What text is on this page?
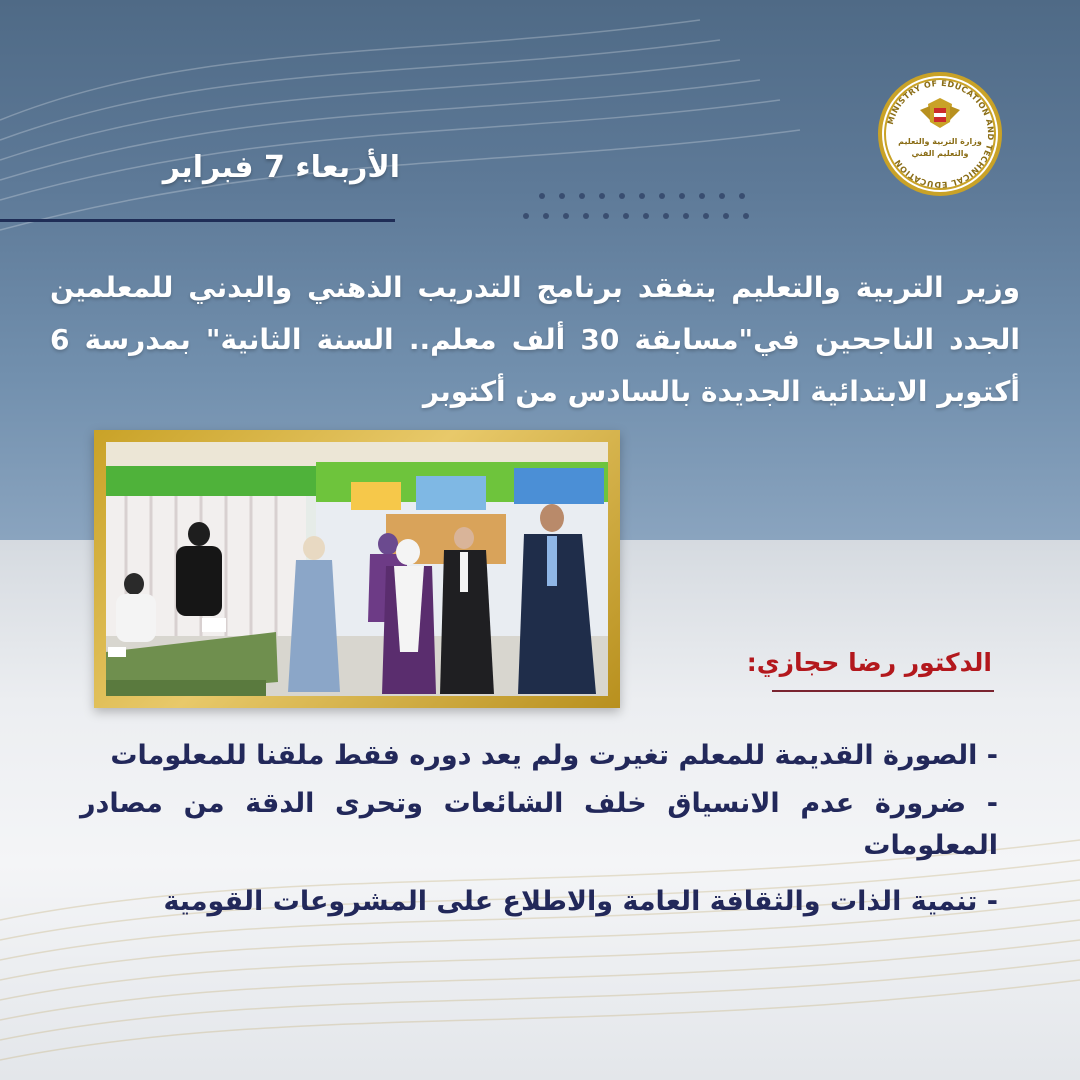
الأربعاء 7 فبراير
MINISTRY OF EDUCATION AND TECHNICAL EDUCATION
وزارة التربية والتعليم
والتعليم الفني
وزير التربية والتعليم يتفقد برنامج التدريب الذهني والبدني للمعلمين الجدد الناجحين في"مسابقة 30 ألف معلم.. السنة الثانية" بمدرسة 6 أكتوبر الابتدائية الجديدة بالسادس من أكتوبر
الدكتور رضا حجازي:
- الصورة القديمة للمعلم تغيرت ولم يعد دوره فقط ملقنا للمعلومات
- ضرورة عدم الانسياق خلف الشائعات وتحرى الدقة من مصادر المعلومات
- تنمية الذات والثقافة العامة والاطلاع على المشروعات القومية
